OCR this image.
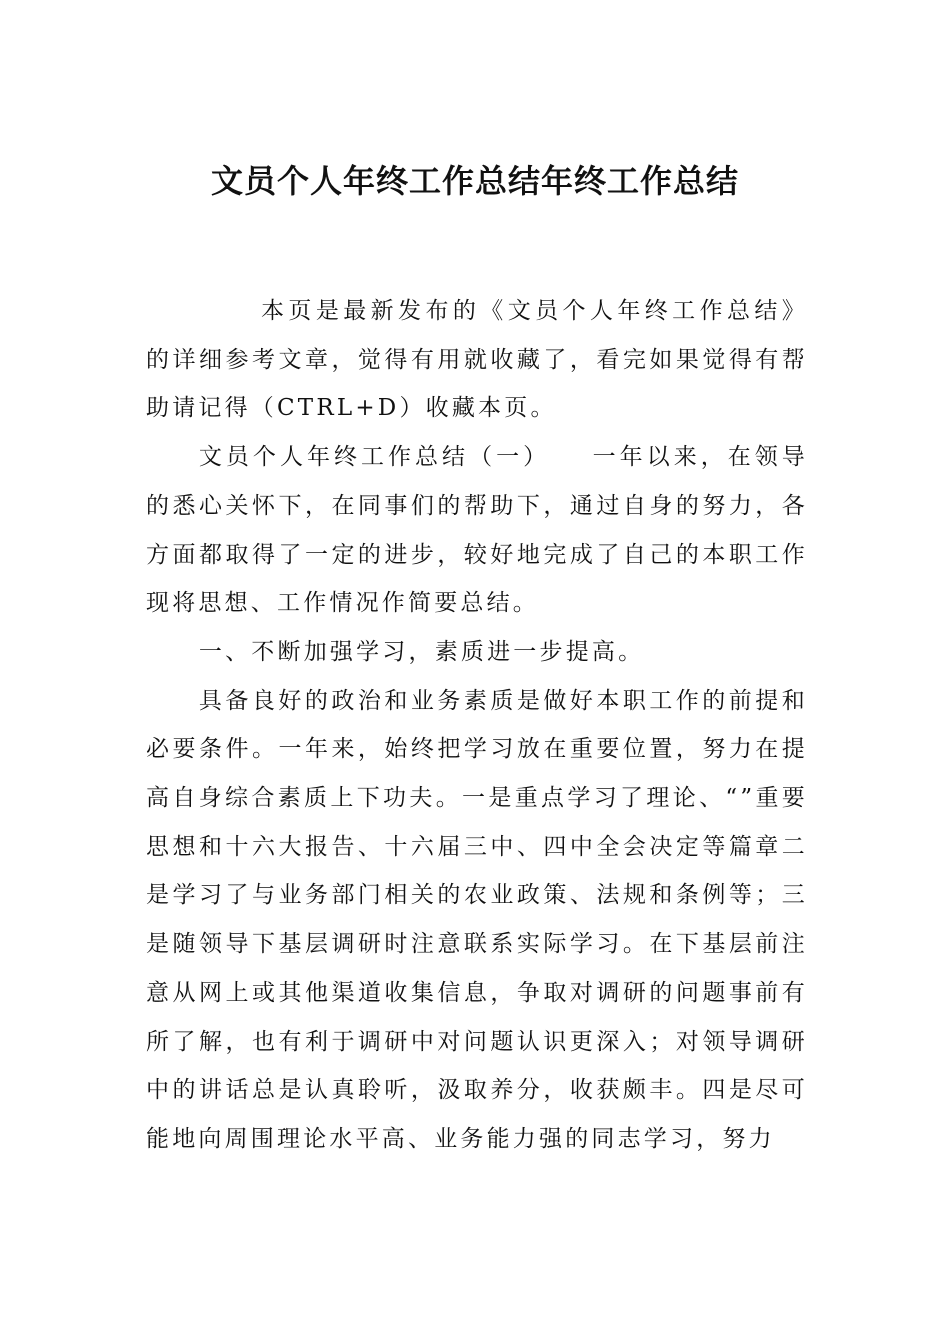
文员个人年终工作总结年终工作总结

本页是最新发布的《文员个人年终工作总结》的详细参考文章，觉得有用就收藏了，看完如果觉得有帮助请记得（CTRL+D）收藏本页。

文员个人年终工作总结（一）　　一年以来，在领导的悉心关怀下，在同事们的帮助下，通过自身的努力，各方面都取得了一定的进步，较好地完成了自己的本职工作现将思想、工作情况作简要总结。

一、不断加强学习，素质进一步提高。

具备良好的政治和业务素质是做好本职工作的前提和必要条件。一年来，始终把学习放在重要位置，努力在提高自身综合素质上下功夫。一是重点学习了理论、“”重要思想和十六大报告、十六届三中、四中全会决定等篇章二是学习了与业务部门相关的农业政策、法规和条例等；三是随领导下基层调研时注意联系实际学习。在下基层前注意从网上或其他渠道收集信息，争取对调研的问题事前有所了解，也有利于调研中对问题认识更深入；对领导调研中的讲话总是认真聆听，汲取养分，收获颇丰。四是尽可能地向周围理论水平高、业务能力强的同志学习，努力
